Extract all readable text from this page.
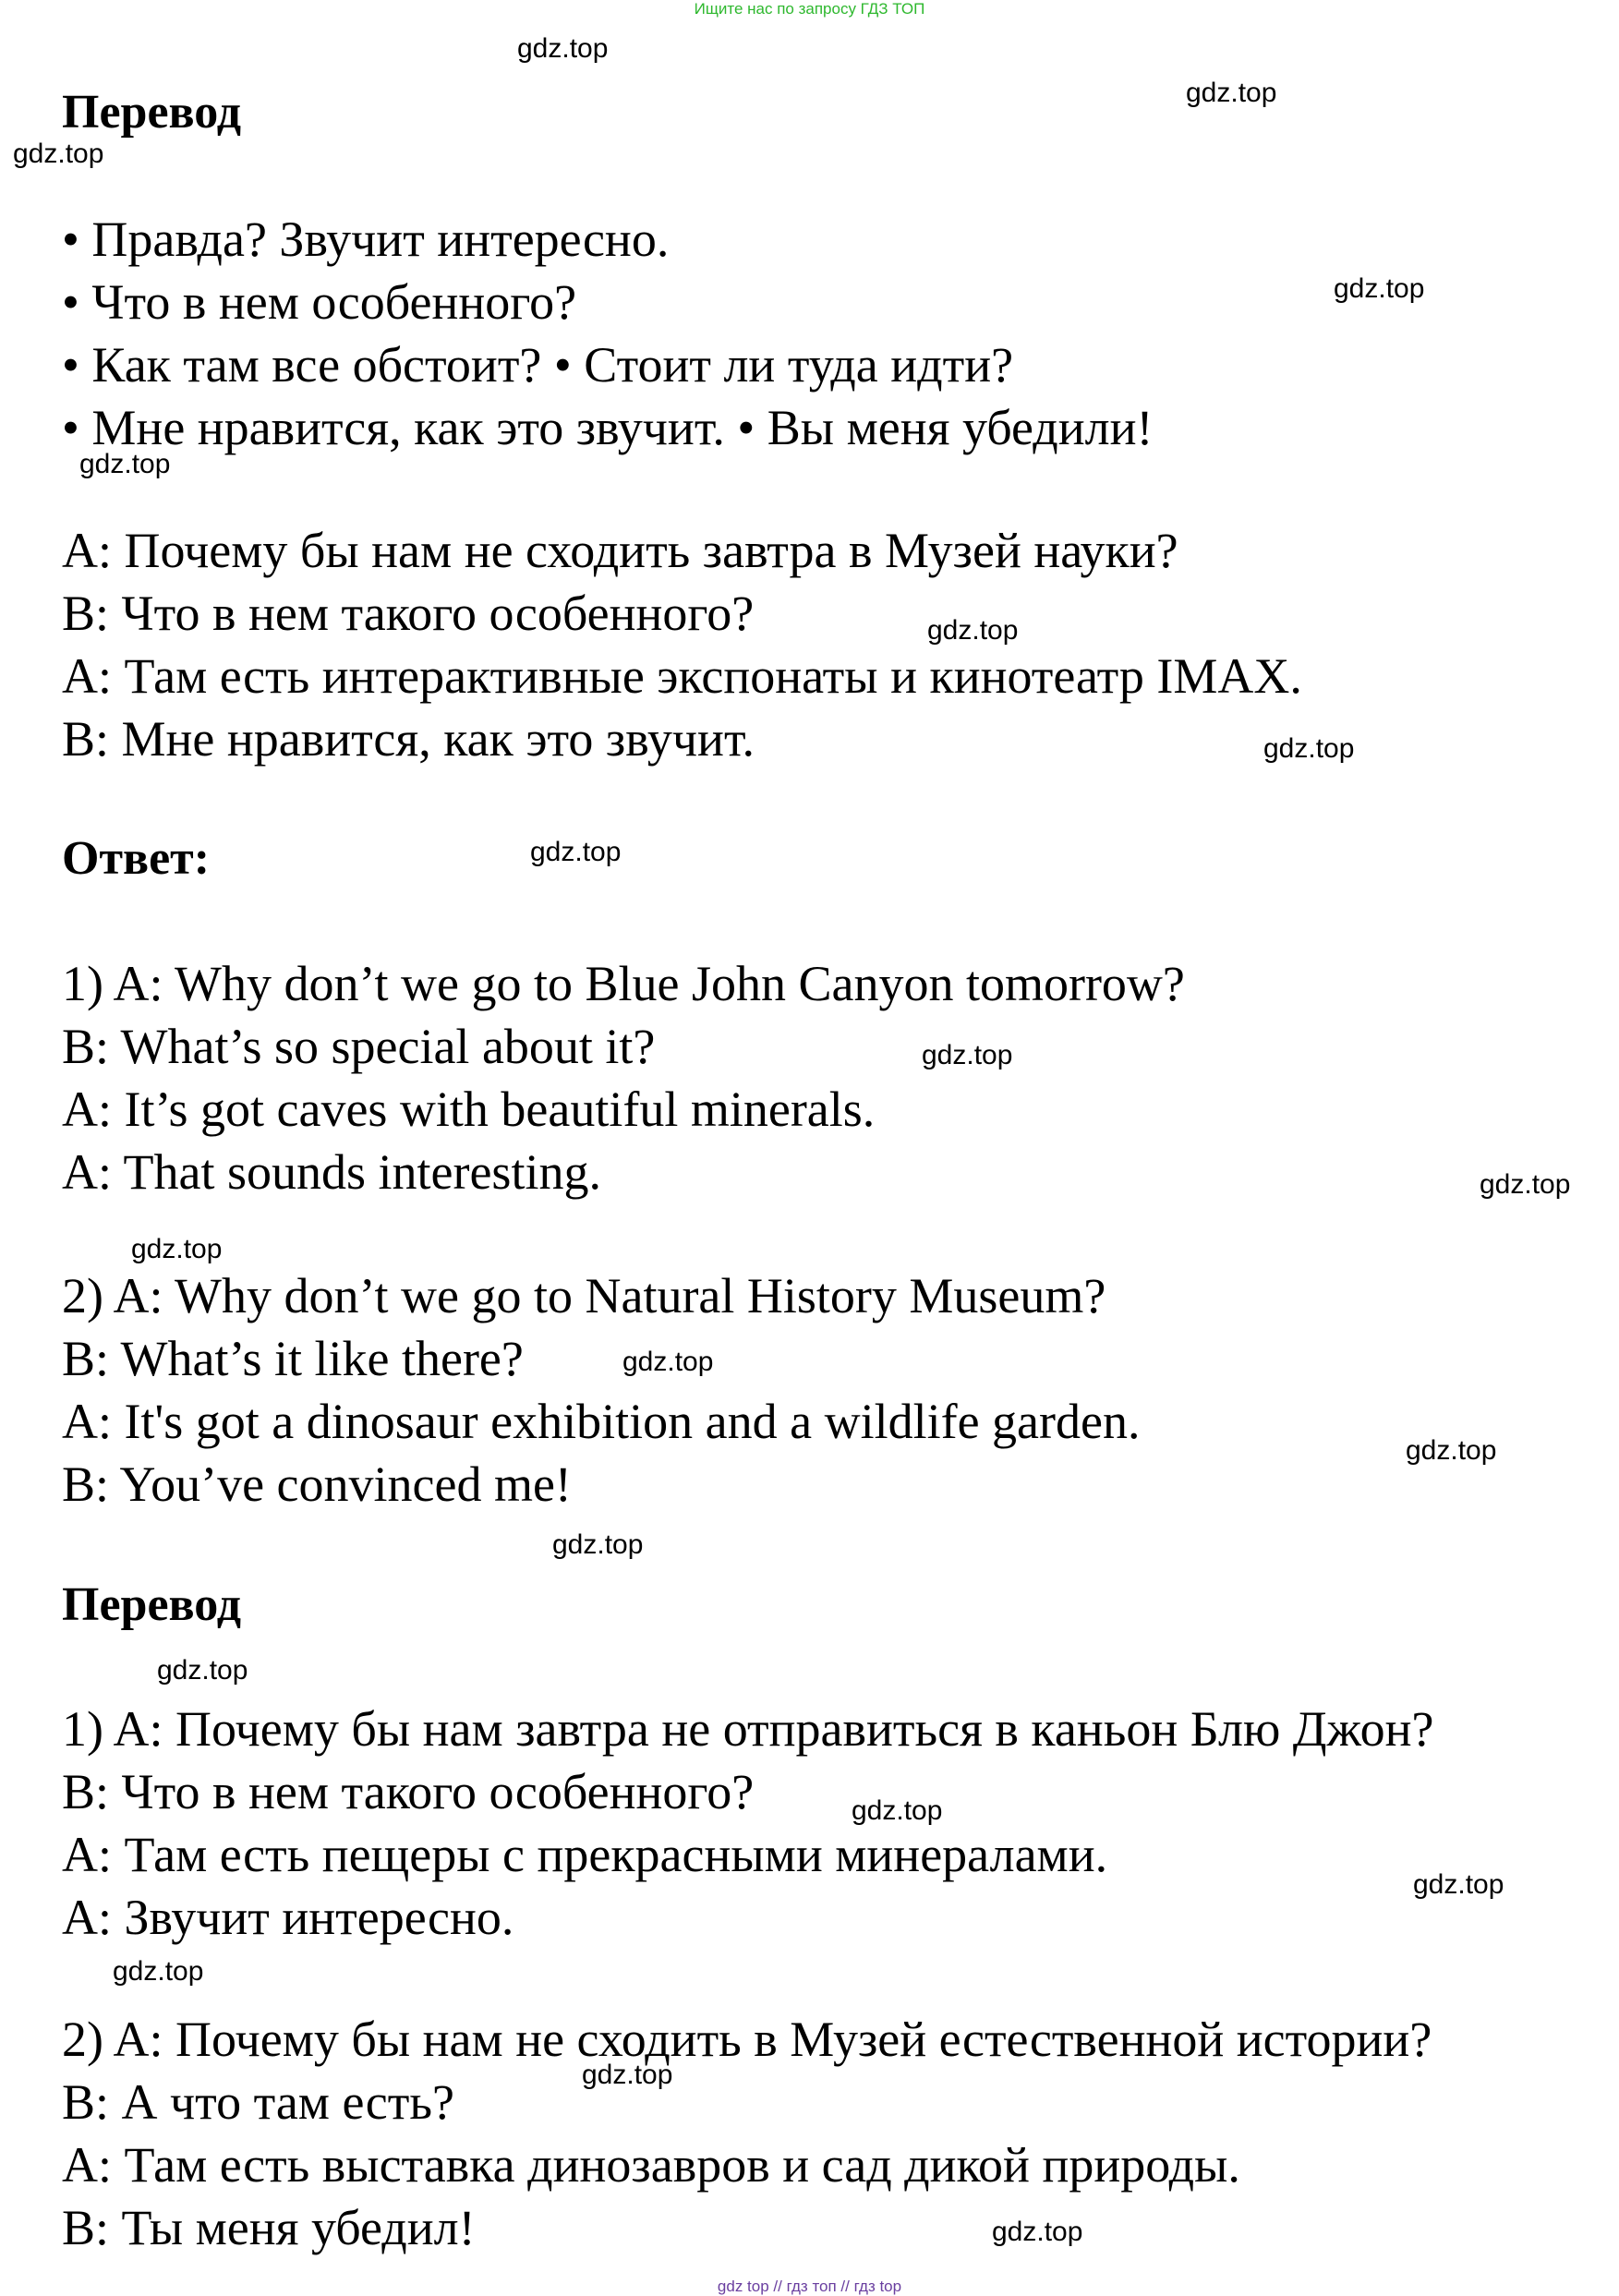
Ищите нас по запросу ГДЗ ТОП
Перевод
• Правда? Звучит интересно.
• Что в нем особенного?
• Как там все обстоит? • Стоит ли туда идти?
• Мне нравится, как это звучит. • Вы меня убедили!
A: Почему бы нам не сходить завтра в Музей науки?
B: Что в нем такого особенного?
A: Там есть интерактивные экспонаты и кинотеатр IMAX.
B: Мне нравится, как это звучит.
Ответ:
1) A: Why don’t we go to Blue John Canyon tomorrow?
B: What’s so special about it?
A: It’s got caves with beautiful minerals.
A: That sounds interesting.
2) A: Why don’t we go to Natural History Museum?
B: What’s it like there?
A: It's got a dinosaur exhibition and a wildlife garden.
B: You’ve convinced me!
Перевод
1) A: Почему бы нам завтра не отправиться в каньон Блю Джон?
B: Что в нем такого особенного?
A: Там есть пещеры с прекрасными минералами.
A: Звучит интересно.
2) A: Почему бы нам не сходить в Музей естественной истории?
B: А что там есть?
A: Там есть выставка динозавров и сад дикой природы.
B: Ты меня убедил!
gdz.top
gdz.top
gdz.top
gdz.top
gdz.top
gdz.top
gdz.top
gdz.top
gdz.top
gdz.top
gdz.top
gdz.top
gdz.top
gdz.top
gdz.top
gdz.top
gdz.top
gdz.top
gdz.top
gdz.top
gdz top // гдз топ // гдз top
